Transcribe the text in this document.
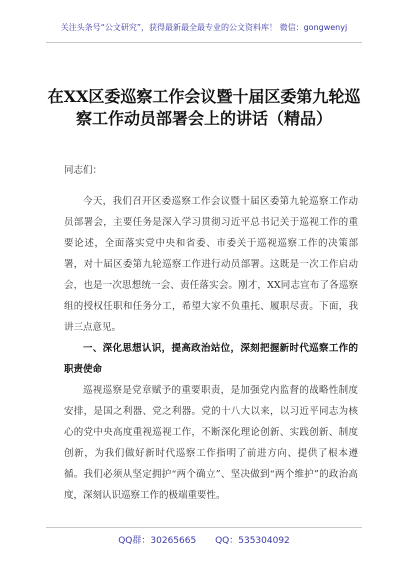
关注头条号“公文研究”，获得最新最全最专业的公文资料库！ 微信：gongwenyj
在XX区委巡察工作会议暨十届区委第九轮巡察工作动员部署会上的讲话（精品）

同志们：

今天，我们召开区委巡察工作会议暨十届区委第九轮巡察工作动员部署会，主要任务是深入学习贯彻习近平总书记关于巡视工作的重要论述，全面落实党中央和省委、市委关于巡视巡察工作的决策部署，对十届区委第九轮巡察工作进行动员部署。这既是一次工作启动会，也是一次思想统一会、责任落实会。刚才，XX同志宣布了各巡察组的授权任职和任务分工，希望大家不负重托、履职尽责。下面，我讲三点意见。

一、深化思想认识，提高政治站位，深刻把握新时代巡察工作的职责使命

巡视巡察是党章赋予的重要职责，是加强党内监督的战略性制度安排，是国之利器、党之利器。党的十八大以来，以习近平同志为核心的党中央高度重视巡视工作，不断深化理论创新、实践创新、制度创新，为我们做好新时代巡察工作指明了前进方向、提供了根本遵循。我们必须从坚定拥护“两个确立”、坚决做到“两个维护”的政治高度，深刻认识巡察工作的极端重要性。

QQ群：30265665 QQ：535304092
